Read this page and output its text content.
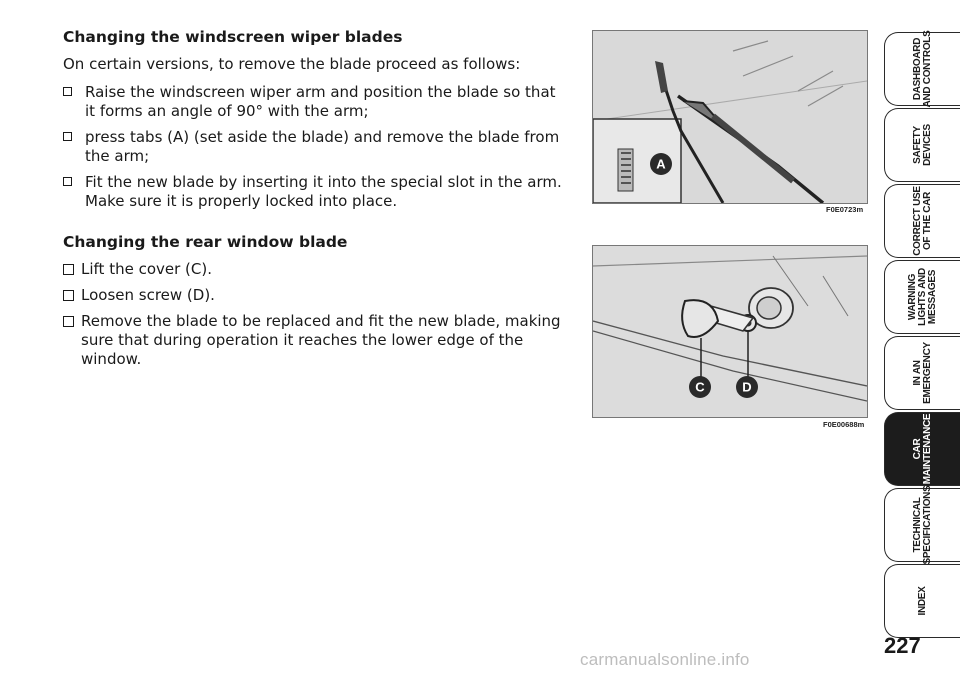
Changing the windscreen wiper blades
On certain versions, to remove the blade proceed as follows:
Raise the windscreen wiper arm and position the blade so that it forms an angle of 90° with the arm;
press tabs (A) (set aside the blade) and remove the blade from the arm;
Fit the new blade by inserting it into the special slot in the arm. Make sure it is properly locked into place.
Changing the rear window blade
Lift the cover (C).
Loosen screw (D).
Remove the blade to be replaced and fit the new blade, making sure that during operation it reaches the lower edge of the window.
A
F0E0723m
C	D
F0E00688m
DASHBOARD
AND CONTROLS
SAFETY
DEVICES
CORRECT USE
OF THE CAR
WARNING
LIGHTS AND
MESSAGES
IN AN
EMERGENCY
CAR
MAINTENANCE
TECHNICAL
SPECIFICATIONS
INDEX
227
carmanualsonline.info
